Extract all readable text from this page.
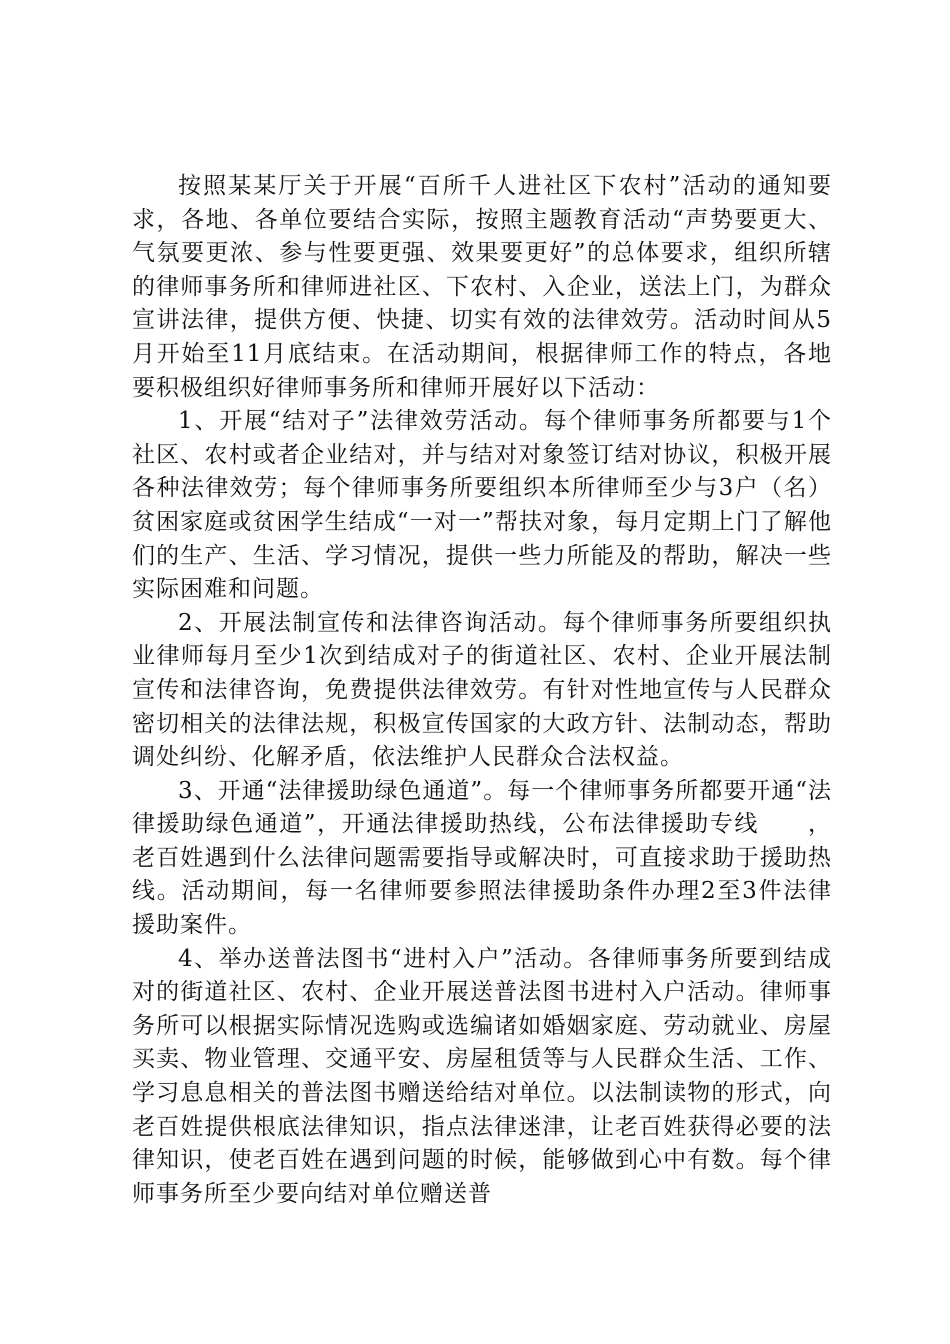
按照某某厅关于开展“百所千人进社区下农村”活动的通知要求，各地、各单位要结合实际，按照主题教育活动“声势要更大、气氛要更浓、参与性要更强、效果要更好”的总体要求，组织所辖的律师事务所和律师进社区、下农村、入企业，送法上门，为群众宣讲法律，提供方便、快捷、切实有效的法律效劳。活动时间从5月开始至11月底结束。在活动期间，根据律师工作的特点，各地要积极组织好律师事务所和律师开展好以下活动：

1、开展“结对子”法律效劳活动。每个律师事务所都要与1个社区、农村或者企业结对，并与结对对象签订结对协议，积极开展各种法律效劳；每个律师事务所要组织本所律师至少与3户（名）贫困家庭或贫困学生结成“一对一”帮扶对象，每月定期上门了解他们的生产、生活、学习情况，提供一些力所能及的帮助，解决一些实际困难和问题。

2、开展法制宣传和法律咨询活动。每个律师事务所要组织执业律师每月至少1次到结成对子的街道社区、农村、企业开展法制宣传和法律咨询，免费提供法律效劳。有针对性地宣传与人民群众密切相关的法律法规，积极宣传国家的大政方针、法制动态，帮助调处纠纷、化解矛盾，依法维护人民群众合法权益。

3、开通“法律援助绿色通道”。每一个律师事务所都要开通“法律援助绿色通道”，开通法律援助热线，公布法律援助专线　　，老百姓遇到什么法律问题需要指导或解决时，可直接求助于援助热线。活动期间，每一名律师要参照法律援助条件办理2至3件法律援助案件。

4、举办送普法图书“进村入户”活动。各律师事务所要到结成对的街道社区、农村、企业开展送普法图书进村入户活动。律师事务所可以根据实际情况选购或选编诸如婚姻家庭、劳动就业、房屋买卖、物业管理、交通平安、房屋租赁等与人民群众生活、工作、学习息息相关的普法图书赠送给结对单位。以法制读物的形式，向老百姓提供根底法律知识，指点法律迷津，让老百姓获得必要的法律知识，使老百姓在遇到问题的时候，能够做到心中有数。每个律师事务所至少要向结对单位赠送普
